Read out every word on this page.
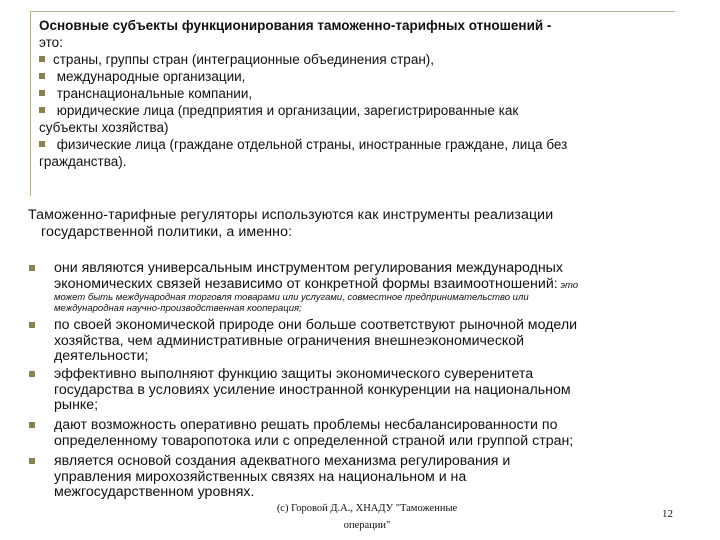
Основные субъекты функционирования таможенно-тарифных отношений -
это:
страны, группы стран (интеграционные объединения стран),
международные организации,
транснациональные компании,
юридические лица (предприятия и организации, зарегистрированные как
субъекты хозяйства)
физические лица (граждане отдельной страны, иностранные граждане, лица без
гражданства).
Таможенно-тарифные регуляторы используются как инструменты реализации
государственной политики, а именно:
они являются универсальным инструментом регулирования международных
экономических связей независимо от конкретной формы взаимоотношений: это
может быть международная торговля товарами или услугами, совместное предпринимательство или
международная научно-производственная кооперация;
по своей экономической природе они больше соответствуют рыночной модели
хозяйства, чем административные ограничения внешнеэкономической
деятельности;
эффективно выполняют функцию защиты экономического суверенитета
государства в условиях усиление иностранной конкуренции на национальном
рынке;
дают возможность оперативно решать проблемы несбалансированности по
определенному товаропотока или с определенной страной или группой стран;
является основой создания адекватного механизма регулирования и
управления мирохозяйственных связях на национальном и на
межгосударственном уровнях.
(с) Горовой Д.А., ХНАДУ "Таможенные
операции"
12
